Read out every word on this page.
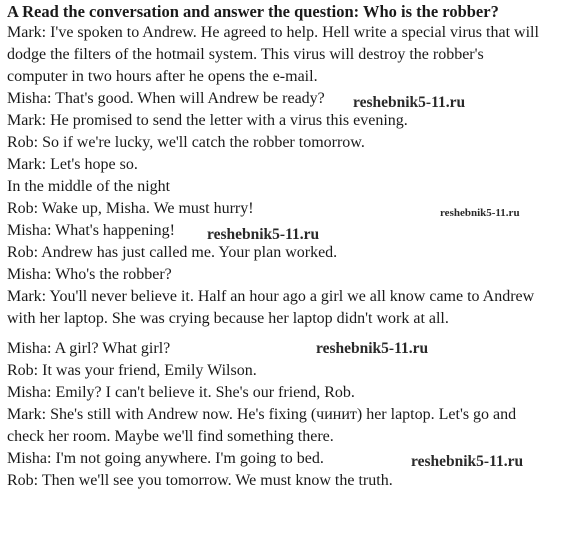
A Read the conversation and answer the question: Who is the robber?
Mark: I've spoken to Andrew. He agreed to help. Hell write a special virus that will
dodge the filters of the hotmail system. This virus will destroy the robber's
computer in two hours after he opens the e-mail.
Misha: That's good. When will Andrew be ready?
Mark: He promised to send the letter with a virus this evening.
Rob: So if we're lucky, we'll catch the robber tomorrow.
Mark: Let's hope so.
In the middle of the night
Rob: Wake up, Misha. We must hurry!
Misha: What's happening!
Rob: Andrew has just called me. Your plan worked.
Misha: Who's the robber?
Mark: You'll never believe it. Half an hour ago a girl we all know came to Andrew
with her laptop. She was crying because her laptop didn't work at all.
Misha: A girl? What girl?
Rob: It was your friend, Emily Wilson.
Misha: Emily? I can't believe it. She's our friend, Rob.
Mark: She's still with Andrew now. He's fixing (чинит) her laptop. Let's go and
check her room. Maybe we'll find something there.
Misha: I'm not going anywhere. I'm going to bed.
Rob: Then we'll see you tomorrow. We must know the truth.
reshebnik5-11.ru
reshebnik5-11.ru
reshebnik5-11.ru
reshebnik5-11.ru
reshebnik5-11.ru
